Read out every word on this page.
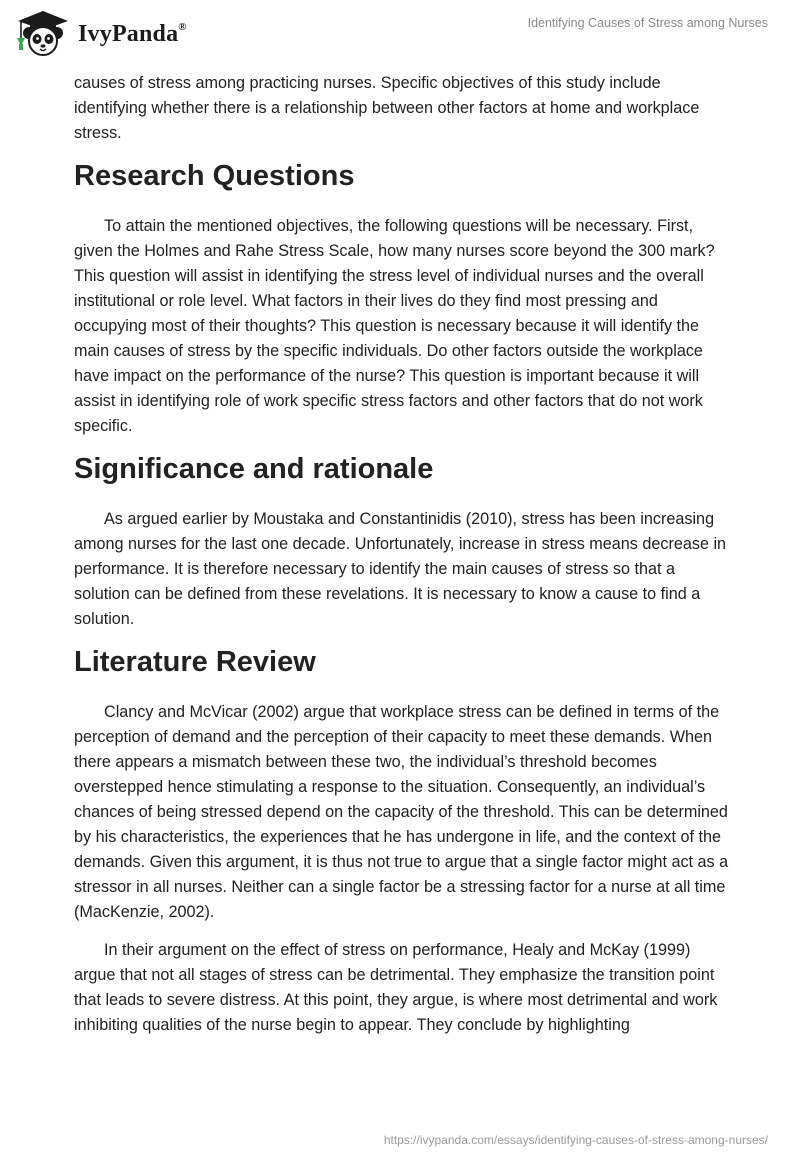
IvyPanda®	Identifying Causes of Stress among Nurses

causes of stress among practicing nurses. Specific objectives of this study include identifying whether there is a relationship between other factors at home and workplace stress.

Research Questions

To attain the mentioned objectives, the following questions will be necessary. First, given the Holmes and Rahe Stress Scale, how many nurses score beyond the 300 mark? This question will assist in identifying the stress level of individual nurses and the overall institutional or role level. What factors in their lives do they find most pressing and occupying most of their thoughts? This question is necessary because it will identify the main causes of stress by the specific individuals. Do other factors outside the workplace have impact on the performance of the nurse? This question is important because it will assist in identifying role of work specific stress factors and other factors that do not work specific.

Significance and rationale

As argued earlier by Moustaka and Constantinidis (2010), stress has been increasing among nurses for the last one decade. Unfortunately, increase in stress means decrease in performance. It is therefore necessary to identify the main causes of stress so that a solution can be defined from these revelations. It is necessary to know a cause to find a solution.

Literature Review

Clancy and McVicar (2002) argue that workplace stress can be defined in terms of the perception of demand and the perception of their capacity to meet these demands. When there appears a mismatch between these two, the individual’s threshold becomes overstepped hence stimulating a response to the situation. Consequently, an individual’s chances of being stressed depend on the capacity of the threshold. This can be determined by his characteristics, the experiences that he has undergone in life, and the context of the demands. Given this argument, it is thus not true to argue that a single factor might act as a stressor in all nurses. Neither can a single factor be a stressing factor for a nurse at all time (MacKenzie, 2002).

In their argument on the effect of stress on performance, Healy and McKay (1999) argue that not all stages of stress can be detrimental. They emphasize the transition point that leads to severe distress. At this point, they argue, is where most detrimental and work inhibiting qualities of the nurse begin to appear. They conclude by highlighting

https://ivypanda.com/essays/identifying-causes-of-stress-among-nurses/
